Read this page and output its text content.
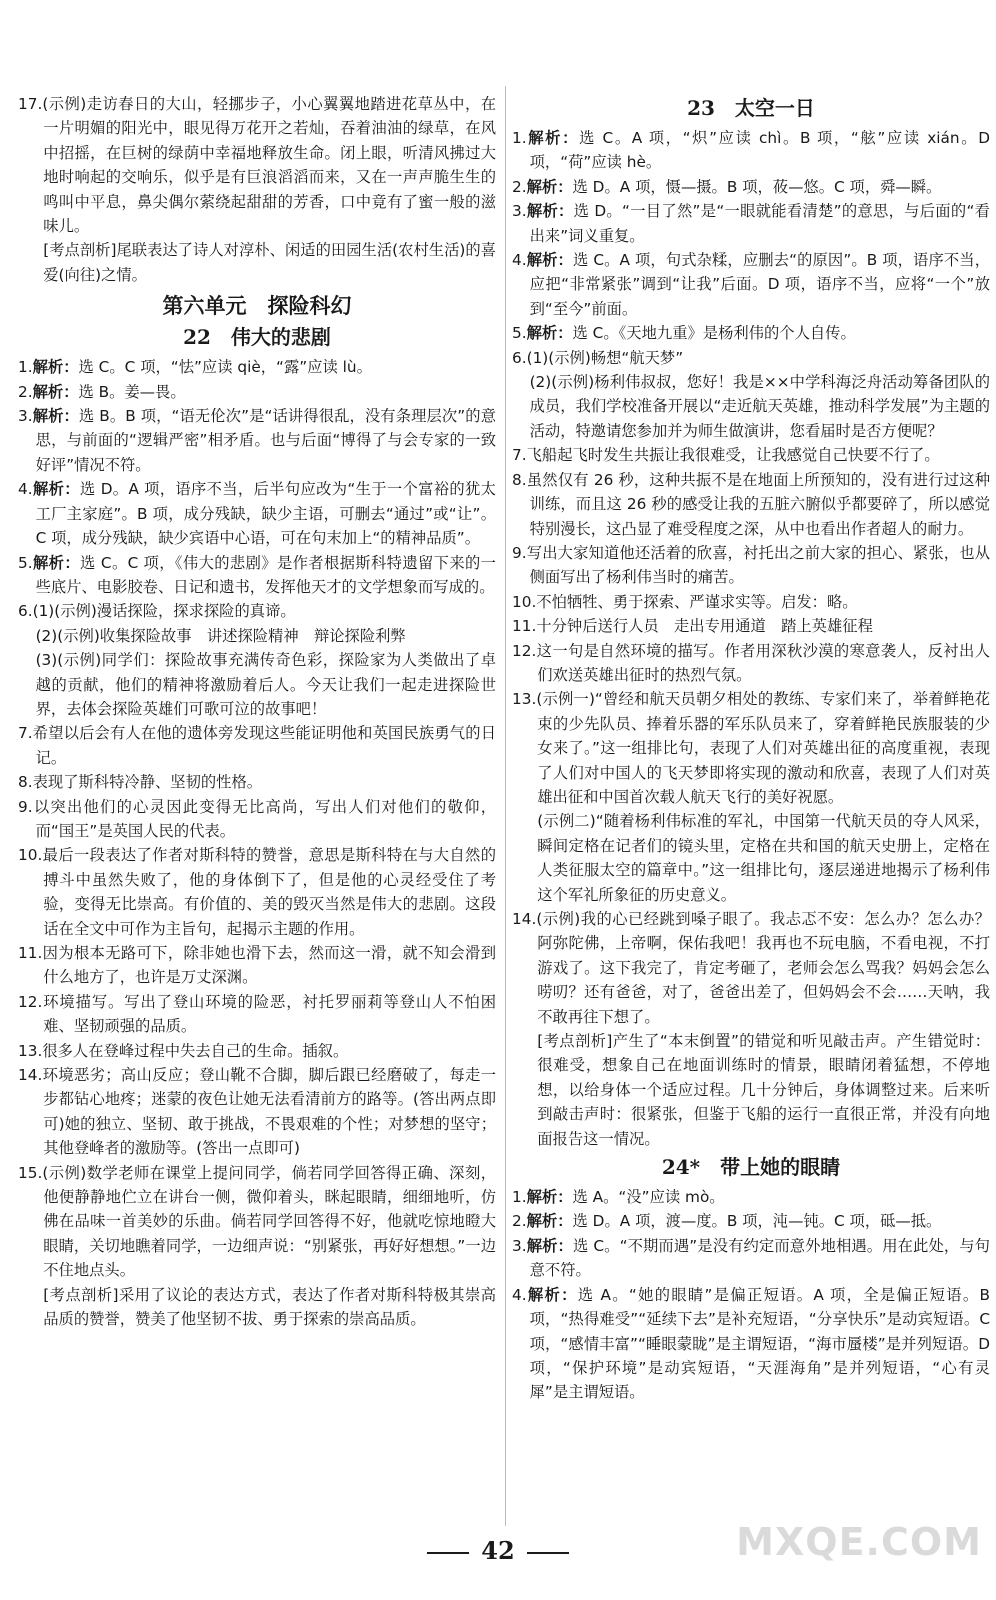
17.(示例)走访春日的大山，轻挪步子，小心翼翼地踏进花草丛中，在一片明媚的阳光中，眼见得万花开之若灿，吞着油油的绿草，在风中招摇，在巨树的绿荫中幸福地释放生命。闭上眼，听清风拂过大地时响起的交响乐，似乎是有巨浪滔滔而来，又在一声声脆生生的鸣叫中平息，鼻尖偶尔萦绕起甜甜的芳香，口中竟有了蜜一般的滋味儿。

[考点剖析]尾联表达了诗人对淳朴、闲适的田园生活(农村生活)的喜爱(向往)之情。

第六单元　探险科幻
22　伟大的悲剧

1.解析：选 C。C 项，“怯”应读 qiè，“露”应读 lù。

2.解析：选 B。姜—畏。

3.解析：选 B。B 项，“语无伦次”是“话讲得很乱，没有条理层次”的意思，与前面的“逻辑严密”相矛盾。也与后面“博得了与会专家的一致好评”情况不符。

4.解析：选 D。A 项，语序不当，后半句应改为“生于一个富裕的犹太工厂主家庭”。B 项，成分残缺，缺少主语，可删去“通过”或“让”。C 项，成分残缺，缺少宾语中心语，可在句末加上“的精神品质”。

5.解析：选 C。C 项，《伟大的悲剧》是作者根据斯科特遗留下来的一些底片、电影胶卷、日记和遗书，发挥他天才的文学想象而写成的。

6.(1)(示例)漫话探险，探求探险的真谛。

(2)(示例)收集探险故事　讲述探险精神　辩论探险利弊

(3)(示例)同学们：探险故事充满传奇色彩，探险家为人类做出了卓越的贡献，他们的精神将激励着后人。今天让我们一起走进探险世界，去体会探险英雄们可歌可泣的故事吧！

7.希望以后会有人在他的遗体旁发现这些能证明他和英国民族勇气的日记。

8.表现了斯科特冷静、坚韧的性格。

9.以突出他们的心灵因此变得无比高尚，写出人们对他们的敬仰，而“国王”是英国人民的代表。

10.最后一段表达了作者对斯科特的赞誉，意思是斯科特在与大自然的搏斗中虽然失败了，他的身体倒下了，但是他的心灵经受住了考验，变得无比崇高。有价值的、美的毁灭当然是伟大的悲剧。这段话在全文中可作为主旨句，起揭示主题的作用。

11.因为根本无路可下，除非她也滑下去，然而这一滑，就不知会滑到什么地方了，也许是万丈深渊。

12.环境描写。写出了登山环境的险恶，衬托罗丽莉等登山人不怕困难、坚韧顽强的品质。

13.很多人在登峰过程中失去自己的生命。插叙。

14.环境恶劣；高山反应；登山靴不合脚，脚后跟已经磨破了，每走一步都钻心地疼；迷蒙的夜色让她无法看清前方的路等。(答出两点即可)她的独立、坚韧、敢于挑战，不畏艰难的个性；对梦想的坚守；其他登峰者的激励等。(答出一点即可)

15.(示例)数学老师在课堂上提问同学，倘若同学回答得正确、深刻，他便静静地伫立在讲台一侧，微仰着头，眯起眼睛，细细地听，仿佛在品味一首美妙的乐曲。倘若同学回答得不好，他就吃惊地瞪大眼睛，关切地瞧着同学，一边细声说：“别紧张，再好好想想。”一边不住地点头。

[考点剖析]采用了议论的表达方式，表达了作者对斯科特极其崇高品质的赞誉，赞美了他坚韧不拔、勇于探索的崇高品质。

23　太空一日

1.解析：选 C。A 项，“炽”应读 chì。B 项，“舷”应读 xián。D 项，“荷”应读 hè。

2.解析：选 D。A 项，慑—摄。B 项，莜—悠。C 项，舜—瞬。

3.解析：选 D。“一目了然”是“一眼就能看清楚”的意思，与后面的“看出来”词义重复。

4.解析：选 C。A 项，句式杂糅，应删去“的原因”。B 项，语序不当，应把“非常紧张”调到“让我”后面。D 项，语序不当，应将“一个”放到“至今”前面。

5.解析：选 C。《天地九重》是杨利伟的个人自传。

6.(1)(示例)畅想“航天梦”

(2)(示例)杨利伟叔叔，您好！我是××中学科海泛舟活动筹备团队的成员，我们学校准备开展以“走近航天英雄，推动科学发展”为主题的活动，特邀请您参加并为师生做演讲，您看届时是否方便呢？

7.飞船起飞时发生共振让我很难受，让我感觉自己快要不行了。

8.虽然仅有 26 秒，这种共振不是在地面上所预知的，没有进行过这种训练，而且这 26 秒的感受让我的五脏六腑似乎都要碎了，所以感觉特别漫长，这凸显了难受程度之深，从中也看出作者超人的耐力。

9.写出大家知道他还活着的欣喜，衬托出之前大家的担心、紧张，也从侧面写出了杨利伟当时的痛苦。

10.不怕牺牲、勇于探索、严谨求实等。启发：略。

11.十分钟后送行人员　走出专用通道　踏上英雄征程

12.这一句是自然环境的描写。作者用深秋沙漠的寒意袭人，反衬出人们欢送英雄出征时的热烈气氛。

13.(示例一)“曾经和航天员朝夕相处的教练、专家们来了，举着鲜艳花束的少先队员、捧着乐器的军乐队员来了，穿着鲜艳民族服装的少女来了。”这一组排比句，表现了人们对英雄出征的高度重视，表现了人们对中国人的飞天梦即将实现的激动和欣喜，表现了人们对英雄出征和中国首次载人航天飞行的美好祝愿。

(示例二)“随着杨利伟标准的军礼，中国第一代航天员的夺人风采，瞬间定格在记者们的镜头里，定格在共和国的航天史册上，定格在人类征服太空的篇章中。”这一组排比句，逐层递进地揭示了杨利伟这个军礼所象征的历史意义。

14.(示例)我的心已经跳到嗓子眼了。我忐忑不安：怎么办？怎么办？阿弥陀佛，上帝啊，保佑我吧！我再也不玩电脑，不看电视，不打游戏了。这下我完了，肯定考砸了，老师会怎么骂我？妈妈会怎么唠叨？还有爸爸，对了，爸爸出差了，但妈妈会不会……天呐，我不敢再往下想了。

[考点剖析]产生了“本末倒置”的错觉和听见敲击声。产生错觉时：很难受，想象自己在地面训练时的情景，眼睛闭着猛想，不停地想，以给身体一个适应过程。几十分钟后，身体调整过来。后来听到敲击声时：很紧张，但鉴于飞船的运行一直很正常，并没有向地面报告这一情况。

24*　带上她的眼睛

1.解析：选 A。“没”应读 mò。

2.解析：选 D。A 项，渡—度。B 项，沌—钝。C 项，砥—抵。

3.解析：选 C。“不期而遇”是没有约定而意外地相遇。用在此处，与句意不符。

4.解析：选 A。“她的眼睛”是偏正短语。A 项，全是偏正短语。B 项，“热得难受”“延续下去”是补充短语，“分享快乐”是动宾短语。C 项，“感情丰富”“睡眼蒙眬”是主谓短语，“海市蜃楼”是并列短语。D 项，“保护环境”是动宾短语，“天涯海角”是并列短语，“心有灵犀”是主谓短语。

42	MXQE.COM
